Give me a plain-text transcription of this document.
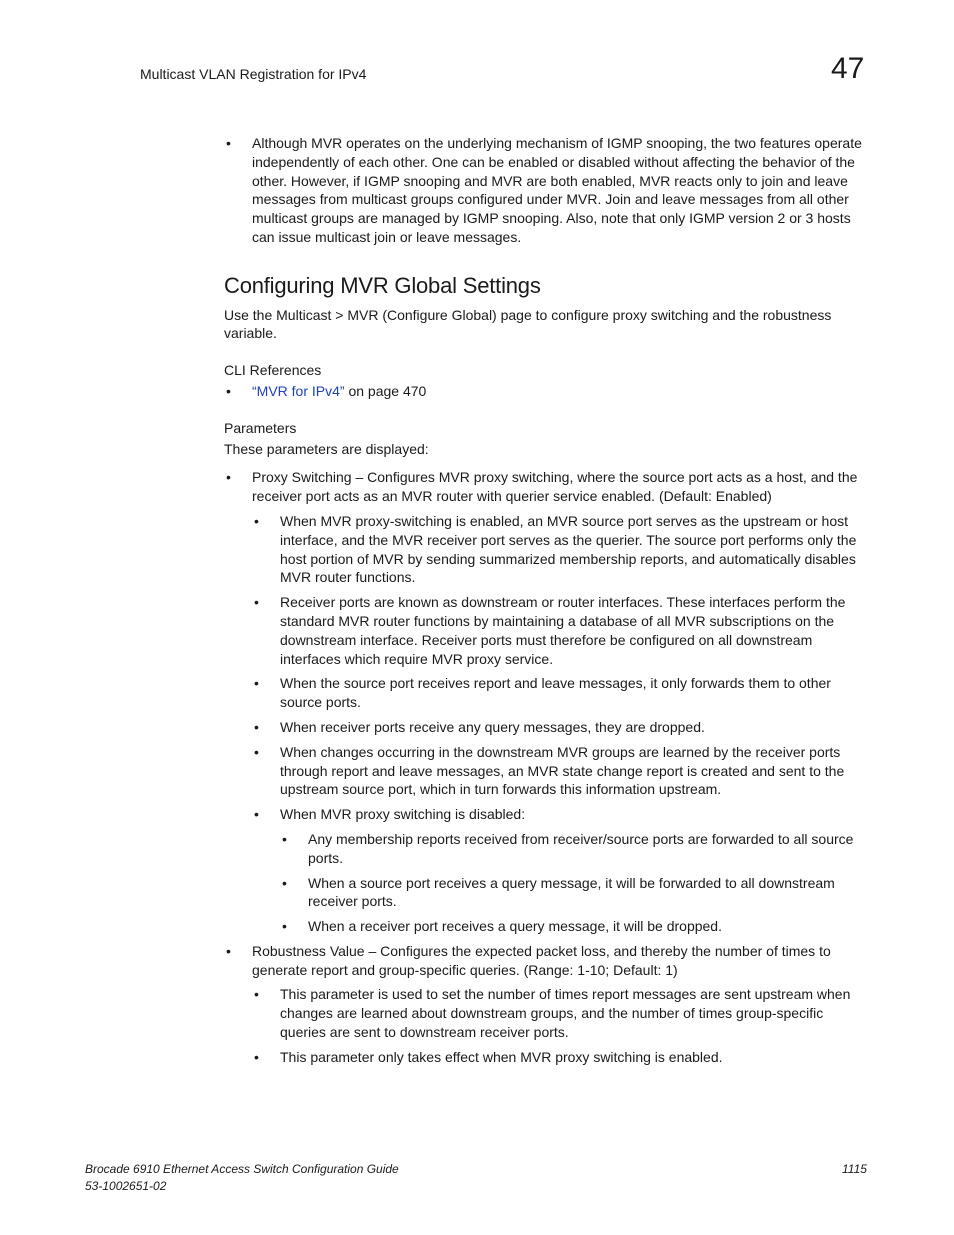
Multicast VLAN Registration for IPv4	47

• Although MVR operates on the underlying mechanism of IGMP snooping, the two features operate independently of each other. One can be enabled or disabled without affecting the behavior of the other. However, if IGMP snooping and MVR are both enabled, MVR reacts only to join and leave messages from multicast groups configured under MVR. Join and leave messages from all other multicast groups are managed by IGMP snooping. Also, note that only IGMP version 2 or 3 hosts can issue multicast join or leave messages.

Configuring MVR Global Settings

Use the Multicast > MVR (Configure Global) page to configure proxy switching and the robustness variable.

CLI References

• “MVR for IPv4” on page 470

Parameters

These parameters are displayed:

• Proxy Switching – Configures MVR proxy switching, where the source port acts as a host, and the receiver port acts as an MVR router with querier service enabled. (Default: Enabled)

• When MVR proxy-switching is enabled, an MVR source port serves as the upstream or host interface, and the MVR receiver port serves as the querier. The source port performs only the host portion of MVR by sending summarized membership reports, and automatically disables MVR router functions.

• Receiver ports are known as downstream or router interfaces. These interfaces perform the standard MVR router functions by maintaining a database of all MVR subscriptions on the downstream interface. Receiver ports must therefore be configured on all downstream interfaces which require MVR proxy service.

• When the source port receives report and leave messages, it only forwards them to other source ports.

• When receiver ports receive any query messages, they are dropped.

• When changes occurring in the downstream MVR groups are learned by the receiver ports through report and leave messages, an MVR state change report is created and sent to the upstream source port, which in turn forwards this information upstream.

• When MVR proxy switching is disabled:

• Any membership reports received from receiver/source ports are forwarded to all source ports.

• When a source port receives a query message, it will be forwarded to all downstream receiver ports.

• When a receiver port receives a query message, it will be dropped.

• Robustness Value – Configures the expected packet loss, and thereby the number of times to generate report and group-specific queries. (Range: 1-10; Default: 1)

• This parameter is used to set the number of times report messages are sent upstream when changes are learned about downstream groups, and the number of times group-specific queries are sent to downstream receiver ports.

• This parameter only takes effect when MVR proxy switching is enabled.

Brocade 6910 Ethernet Access Switch Configuration Guide
53-1002651-02
1115
